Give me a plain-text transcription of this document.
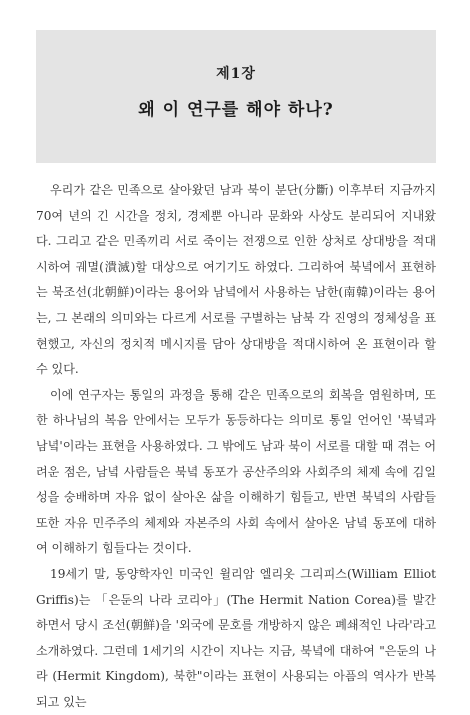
제1장
왜 이 연구를 해야 하나?

우리가 같은 민족으로 살아왔던 남과 북이 분단(分斷) 이후부터 지금까지 70여 년의 긴 시간을 정치, 경제뿐 아니라 문화와 사상도 분리되어 지내왔다. 그리고 같은 민족끼리 서로 죽이는 전쟁으로 인한 상처로 상대방을 적대시하여 궤멸(潰滅)할 대상으로 여기기도 하였다. 그리하여 북녘에서 표현하는 북조선(北朝鮮)이라는 용어와 남녘에서 사용하는 남한(南韓)이라는 용어는, 그 본래의 의미와는 다르게 서로를 구별하는 남북 각 진영의 정체성을 표현했고, 자신의 정치적 메시지를 담아 상대방을 적대시하여 온 표현이라 할 수 있다.

이에 연구자는 통일의 과정을 통해 같은 민족으로의 회복을 염원하며, 또한 하나님의 복음 안에서는 모두가 동등하다는 의미로 통일 언어인 '북녘과 남녘'이라는 표현을 사용하였다. 그 밖에도 남과 북이 서로를 대할 때 겪는 어려운 점은, 남녘 사람들은 북녘 동포가 공산주의와 사회주의 체제 속에 김일성을 숭배하며 자유 없이 살아온 삶을 이해하기 힘들고, 반면 북녘의 사람들 또한 자유 민주주의 체제와 자본주의 사회 속에서 살아온 남녘 동포에 대하여 이해하기 힘들다는 것이다.

19세기 말, 동양학자인 미국인 윌리암 엘리옷 그리피스(William Elliot Griffis)는 「은둔의 나라 코리아」(The Hermit Nation Corea)를 발간하면서 당시 조선(朝鮮)을 '외국에 문호를 개방하지 않은 폐쇄적인 나라'라고 소개하였다. 그런데 1세기의 시간이 지나는 지금, 북녘에 대하여 "은둔의 나라 (Hermit Kingdom), 북한"이라는 표현이 사용되는 아픔의 역사가 반복되고 있는
